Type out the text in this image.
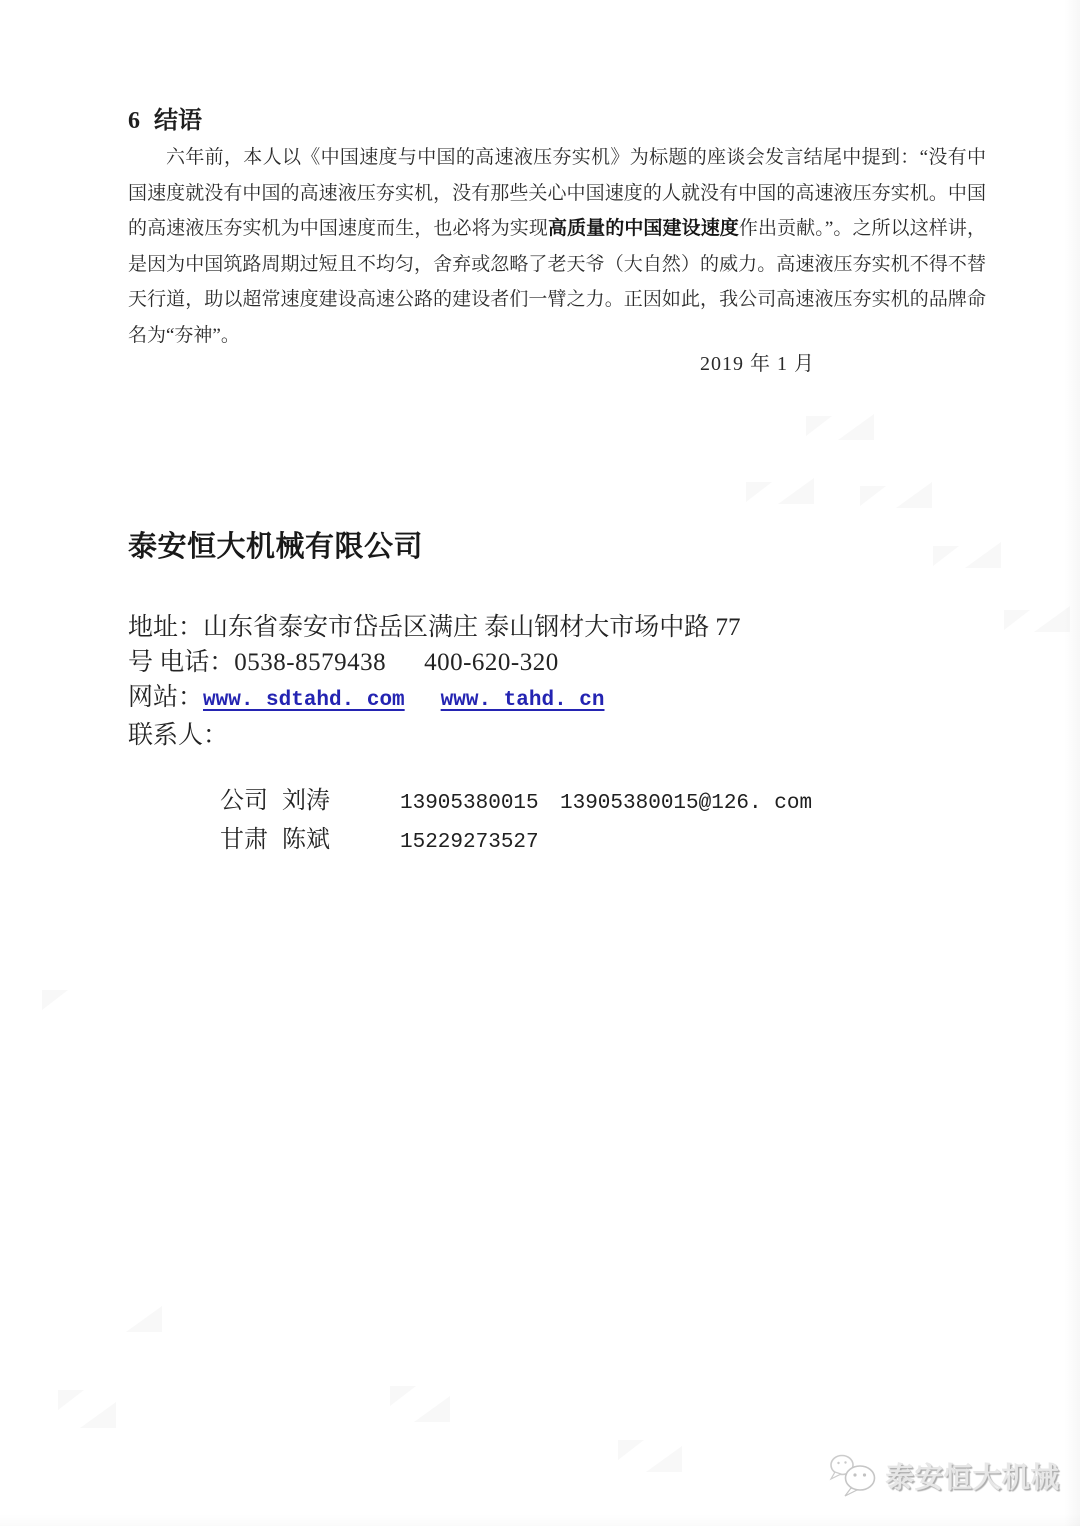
6 结语
六年前，本人以《中国速度与中国的高速液压夯实机》为标题的座谈会发言结尾中提到：“没有中
国速度就没有中国的高速液压夯实机，没有那些关心中国速度的人就没有中国的高速液压夯实机。中国
的高速液压夯实机为中国速度而生，也必将为实现高质量的中国建设速度作出贡献。”。之所以这样讲，
是因为中国筑路周期过短且不均匀，舍弃或忽略了老天爷（大自然）的威力。高速液压夯实机不得不替
天行道，助以超常速度建设高速公路的建设者们一臂之力。正因如此，我公司高速液压夯实机的品牌命
名为“夯神”。
2019 年 1 月
泰安恒大机械有限公司
地址：山东省泰安市岱岳区满庄 泰山钢材大市场中路 77
号 电话：0538-8579438 400-620-320
网站：www. sdtahd. com www. tahd. cn
联系人：
公司 刘涛	13905380015	13905380015@126. com
甘肃 陈斌	15229273527
泰安恒大机械
